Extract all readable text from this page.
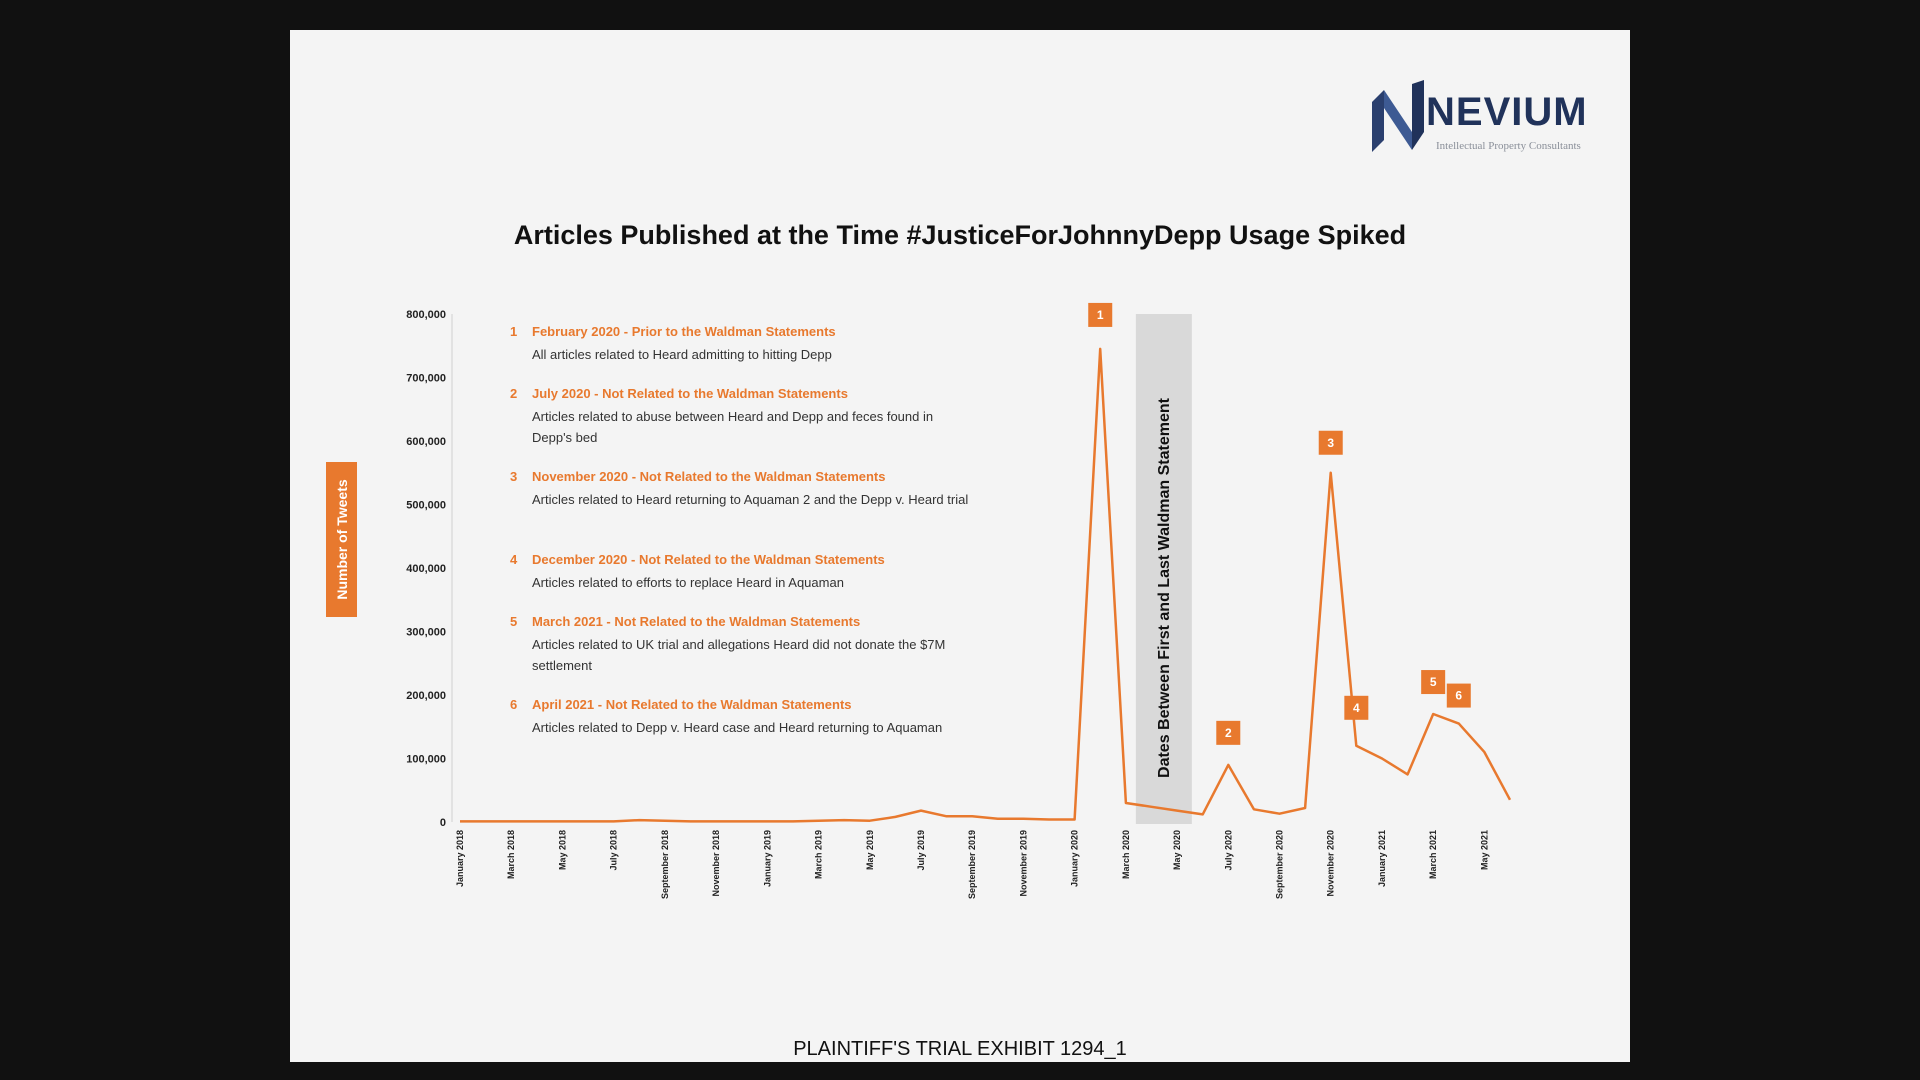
NEVIUM
Intellectual Property Consultants
Articles Published at the Time #JusticeForJohnnyDepp Usage Spiked
Number of Tweets	Dates Between First and Last Waldman Statement
0
100,000
200,000
300,000
400,000
500,000
600,000
700,000
800,000
January 2018	March 2018	May 2018	July 2018	September 2018	November 2018	January 2019	March 2019	May 2019	July 2019	September 2019	November 2019	January 2020	March 2020	May 2020	July 2020	September 2020	November 2020	January 2021	March 2021	May 2021
1
2
3
4
5
6
1 February 2020 - Prior to the Waldman Statements
All articles related to Heard admitting to hitting Depp
2 July 2020 - Not Related to the Waldman Statements
Articles related to abuse between Heard and Depp and feces found in Depp's bed
3 November 2020 - Not Related to the Waldman Statements
Articles related to Heard returning to Aquaman 2 and the Depp v. Heard trial
4 December 2020 - Not Related to the Waldman Statements
Articles related to efforts to replace Heard in Aquaman
5 March 2021 - Not Related to the Waldman Statements
Articles related to UK trial and allegations Heard did not donate the $7M settlement
6 April 2021 - Not Related to the Waldman Statements
Articles related to Depp v. Heard case and Heard returning to Aquaman
PLAINTIFF'S TRIAL EXHIBIT 1294_1
